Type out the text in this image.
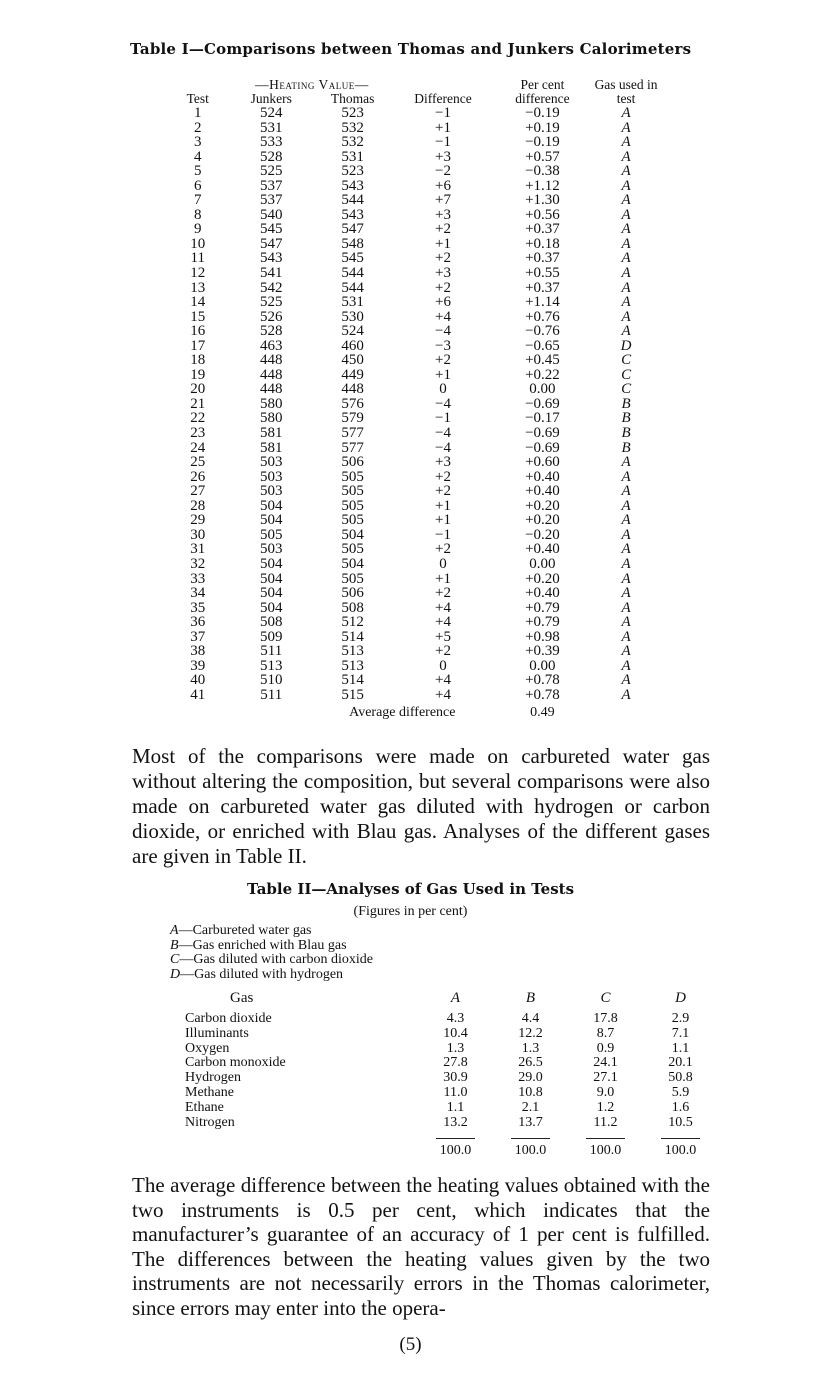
Table I—Comparisons between Thomas and Junkers Calorimeters
Test	—Heating Value—		Difference	Per cent difference	Gas used in test
	Junkers	Thomas			
1	524	523	−1	−0.19	A
2	531	532	+1	+0.19	A
3	533	532	−1	−0.19	A
4	528	531	+3	+0.57	A
5	525	523	−2	−0.38	A
6	537	543	+6	+1.12	A
7	537	544	+7	+1.30	A
8	540	543	+3	+0.56	A
9	545	547	+2	+0.37	A
10	547	548	+1	+0.18	A
11	543	545	+2	+0.37	A
12	541	544	+3	+0.55	A
13	542	544	+2	+0.37	A
14	525	531	+6	+1.14	A
15	526	530	+4	+0.76	A
16	528	524	−4	−0.76	A
17	463	460	−3	−0.65	D
18	448	450	+2	+0.45	C
19	448	449	+1	+0.22	C
20	448	448	0	0.00	C
21	580	576	−4	−0.69	B
22	580	579	−1	−0.17	B
23	581	577	−4	−0.69	B
24	581	577	−4	−0.69	B
25	503	506	+3	+0.60	A
26	503	505	+2	+0.40	A
27	503	505	+2	+0.40	A
28	504	505	+1	+0.20	A
29	504	505	+1	+0.20	A
30	505	504	−1	−0.20	A
31	503	505	+2	+0.40	A
32	504	504	0	0.00	A
33	504	505	+1	+0.20	A
34	504	506	+2	+0.40	A
35	504	508	+4	+0.79	A
36	508	512	+4	+0.79	A
37	509	514	+5	+0.98	A
38	511	513	+2	+0.39	A
39	513	513	0	0.00	A
40	510	514	+4	+0.78	A
41	511	515	+4	+0.78	A
		Average difference		0.49	

Most of the comparisons were made on carbureted water gas without altering the composition, but several comparisons were also made on carbureted water gas diluted with hydrogen or carbon dioxide, or enriched with Blau gas. Analyses of the different gases are given in Table II.

Table II—Analyses of Gas Used in Tests
(Figures in per cent)
A—Carbureted water gas
B—Gas enriched with Blau gas
C—Gas diluted with carbon dioxide
D—Gas diluted with hydrogen
Gas	A	B	C	D
Carbon dioxide	4.3	4.4	17.8	2.9
Illuminants	10.4	12.2	8.7	7.1
Oxygen	1.3	1.3	0.9	1.1
Carbon monoxide	27.8	26.5	24.1	20.1
Hydrogen	30.9	29.0	27.1	50.8
Methane	11.0	10.8	9.0	5.9
Ethane	1.1	2.1	1.2	1.6
Nitrogen	13.2	13.7	11.2	10.5
	100.0	100.0	100.0	100.0

The average difference between the heating values obtained with the two instruments is 0.5 per cent, which indicates that the manufacturer’s guarantee of an accuracy of 1 per cent is fulfilled. The differences between the heating values given by the two instruments are not necessarily errors in the Thomas calorimeter, since errors may enter into the opera-

(5)
